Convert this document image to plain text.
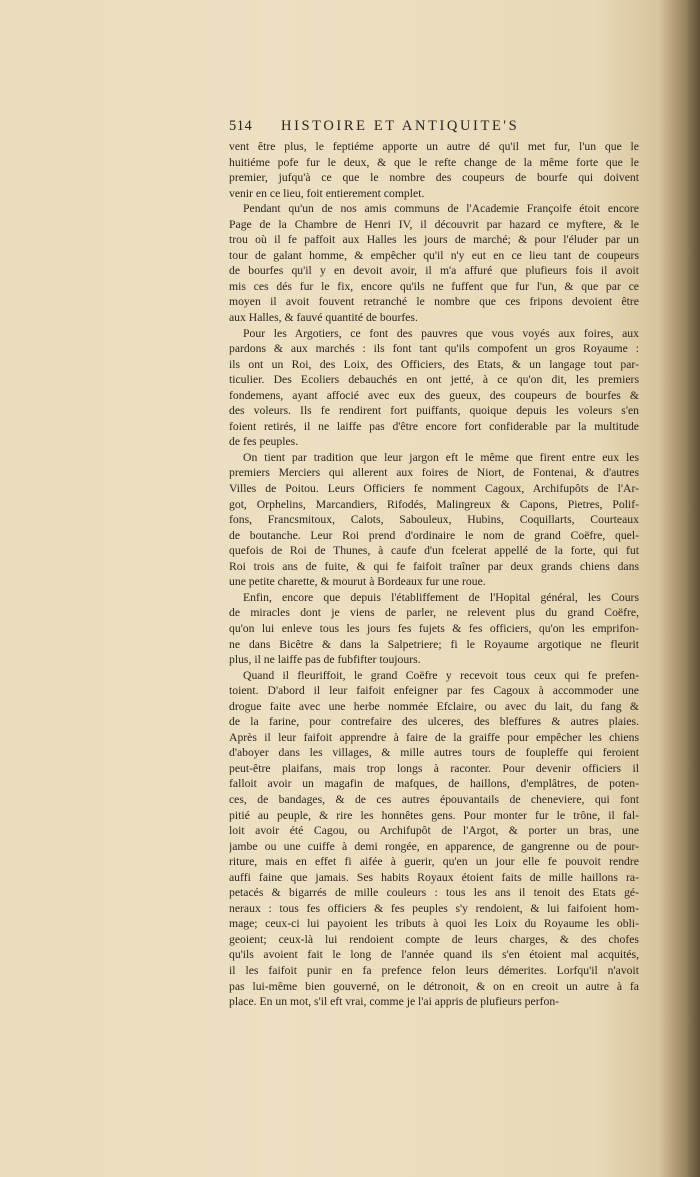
514 HISTOIRE ET ANTIQUITE'S
vent être plus, le feptiéme apporte un autre dé qu'il met fur, l'un que le
huitiéme pofe fur le deux, & que le refte change de la même forte que le
premier, jufqu'à ce que le nombre des coupeurs de bourfe qui doivent
venir en ce lieu, foit entierement complet.
Pendant qu'un de nos amis communs de l'Academie Françoife étoit encore
Page de la Chambre de Henri IV, il découvrit par hazard ce myftere, & le
trou où il fe paffoit aux Halles les jours de marché; & pour l'éluder par un
tour de galant homme, & empêcher qu'il n'y eut en ce lieu tant de coupeurs
de bourfes qu'il y en devoit avoir, il m'a affuré que plufieurs fois il avoit
mis ces dés fur le fix, encore qu'ils ne fuffent que fur l'un, & que par ce
moyen il avoit fouvent retranché le nombre que ces fripons devoient être
aux Halles, & fauvé quantité de bourfes.
Pour les Argotiers, ce font des pauvres que vous voyés aux foires, aux
pardons & aux marchés : ils font tant qu'ils compofent un gros Royaume :
ils ont un Roi, des Loix, des Officiers, des Etats, & un langage tout par-
ticulier. Des Ecoliers debauchés en ont jetté, à ce qu'on dit, les premiers
fondemens, ayant affocié avec eux des gueux, des coupeurs de bourfes &
des voleurs. Ils fe rendirent fort puiffants, quoique depuis les voleurs s'en
foient retirés, il ne laiffe pas d'être encore fort confiderable par la multitude
de fes peuples.
On tient par tradition que leur jargon eft le même que firent entre eux les
premiers Merciers qui allerent aux foires de Niort, de Fontenai, & d'autres
Villes de Poitou. Leurs Officiers fe nomment Cagoux, Archifupôts de l'Ar-
got, Orphelins, Marcandiers, Rifodés, Malingreux & Capons, Pietres, Polif-
fons, Francsmitoux, Calots, Sabouleux, Hubins, Coquillarts, Courteaux
de boutanche. Leur Roi prend d'ordinaire le nom de grand Coëfre, quel-
quefois de Roi de Thunes, à caufe d'un fcelerat appellé de la forte, qui fut
Roi trois ans de fuite, & qui fe faifoit traîner par deux grands chiens dans
une petite charette, & mourut à Bordeaux fur une roue.
Enfin, encore que depuis l'établiffement de l'Hopital général, les Cours
de miracles dont je viens de parler, ne relevent plus du grand Coëfre,
qu'on lui enleve tous les jours fes fujets & fes officiers, qu'on les emprifon-
ne dans Bicêtre & dans la Salpetriere; fi le Royaume argotique ne fleurit
plus, il ne laiffe pas de fubfifter toujours.
Quand il fleuriffoit, le grand Coëfre y recevoit tous ceux qui fe prefen-
toient. D'abord il leur faifoit enfeigner par fes Cagoux à accommoder une
drogue faite avec une herbe nommée Efclaire, ou avec du lait, du fang &
de la farine, pour contrefaire des ulceres, des bleffures & autres plaies.
Après il leur faifoit apprendre à faire de la graiffe pour empêcher les chiens
d'aboyer dans les villages, & mille autres tours de foupleffe qui feroient
peut-être plaifans, mais trop longs à raconter. Pour devenir officiers il
falloit avoir un magafin de mafques, de haillons, d'emplâtres, de poten-
ces, de bandages, & de ces autres épouvantails de cheneviere, qui font
pitié au peuple, & rire les honnêtes gens. Pour monter fur le trône, il fal-
loit avoir été Cagou, ou Archifupôt de l'Argot, & porter un bras, une
jambe ou une cuiffe à demi rongée, en apparence, de gangrenne ou de pour-
riture, mais en effet fi aifée à guerir, qu'en un jour elle fe pouvoit rendre
auffi faine que jamais. Ses habits Royaux étoient faits de mille haillons ra-
petacés & bigarrés de mille couleurs : tous les ans il tenoit des Etats gé-
neraux : tous fes officiers & fes peuples s'y rendoient, & lui faifoient hom-
mage; ceux-ci lui payoient les tributs à quoi les Loix du Royaume les obli-
geoient; ceux-là lui rendoient compte de leurs charges, & des chofes
qu'ils avoient fait le long de l'année quand ils s'en étoient mal acquités,
il les faifoit punir en fa prefence felon leurs démerites. Lorfqu'il n'avoit
pas lui-même bien gouverné, on le détronoit, & on en creoit un autre à fa
place. En un mot, s'il eft vrai, comme je l'ai appris de plufieurs perfon-
